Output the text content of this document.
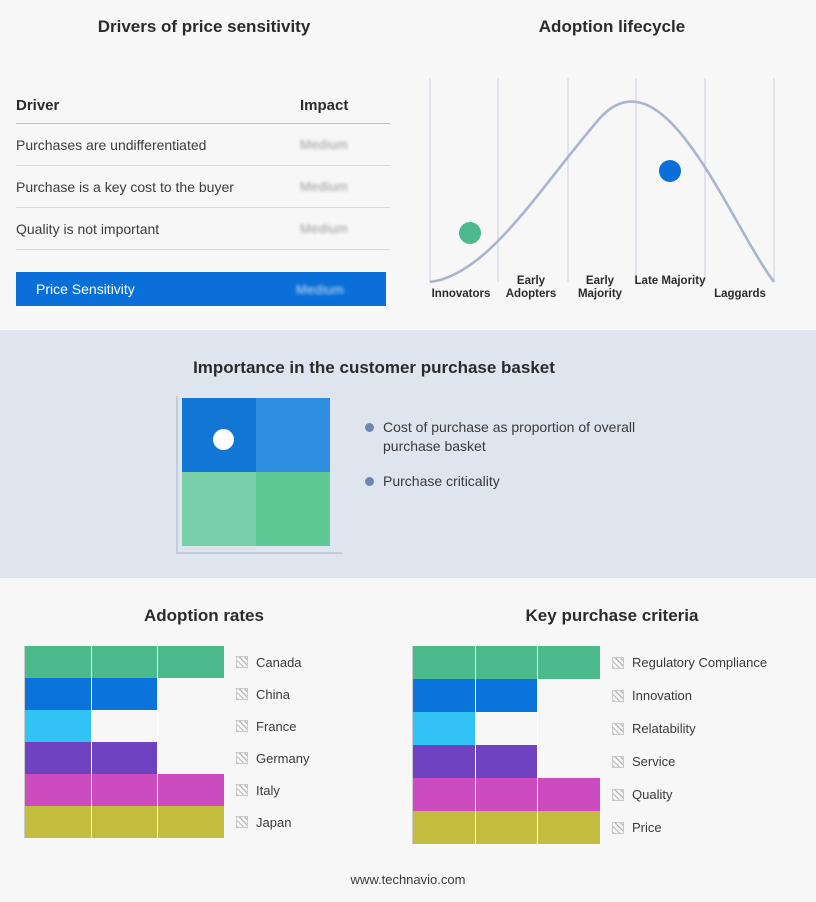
Drivers of price sensitivity
Driver	Impact
Purchases are undifferentiated	Medium
Purchase is a key cost to the buyer	Medium
Quality is not important	Medium
Price Sensitivity	Medium
Adoption lifecycle
Innovators
Early Adopters
Early Majority
Late Majority
Laggards
Importance in the customer purchase basket
Cost of purchase as proportion of overall purchase basket
Purchase criticality
Adoption rates
Canada
China
France
Germany
Italy
Japan
Key purchase criteria
Regulatory Compliance
Innovation
Relatability
Service
Quality
Price
www.technavio.com
